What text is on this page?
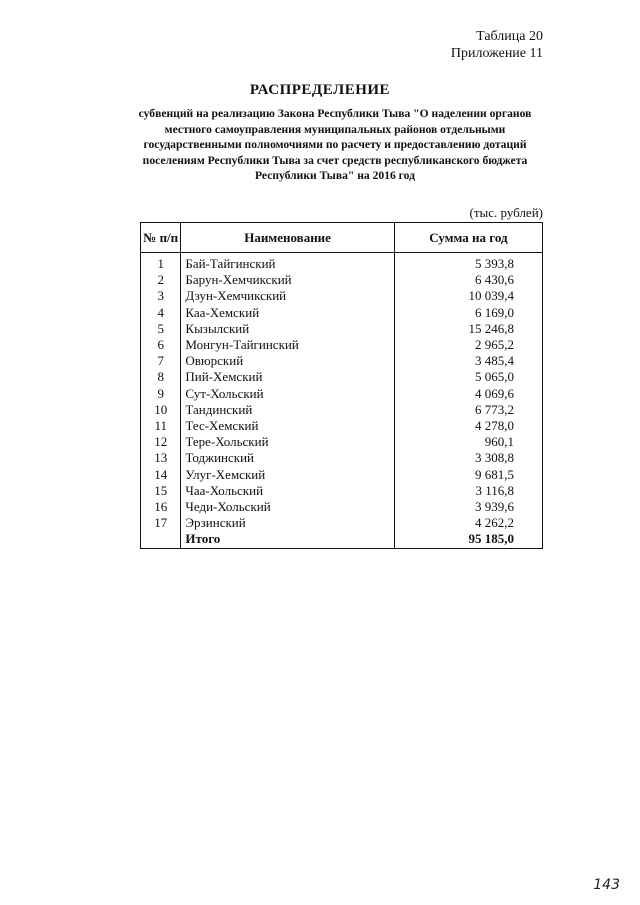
Таблица 20
Приложение 11
РАСПРЕДЕЛЕНИЕ
субвенций на реализацию Закона Республики Тыва "О наделении органов местного самоуправления муниципальных районов отдельными государственными полномочиями по расчету и предоставлению дотаций поселениям Республики Тыва за счет средств республиканского бюджета Республики Тыва" на 2016 год
(тыс. рублей)
№ п/п	Наименование	Сумма на год
1	Бай-Тайгинский	5 393,8
2	Барун-Хемчикский	6 430,6
3	Дзун-Хемчикский	10 039,4
4	Каа-Хемский	6 169,0
5	Кызылский	15 246,8
6	Монгун-Тайгинский	2 965,2
7	Овюрский	3 485,4
8	Пий-Хемский	5 065,0
9	Сут-Хольский	4 069,6
10	Тандинский	6 773,2
11	Тес-Хемский	4 278,0
12	Тере-Хольский	960,1
13	Тоджинский	3 308,8
14	Улуг-Хемский	9 681,5
15	Чаа-Хольский	3 116,8
16	Чеди-Хольский	3 939,6
17	Эрзинский	4 262,2
	Итого	95 185,0
143
